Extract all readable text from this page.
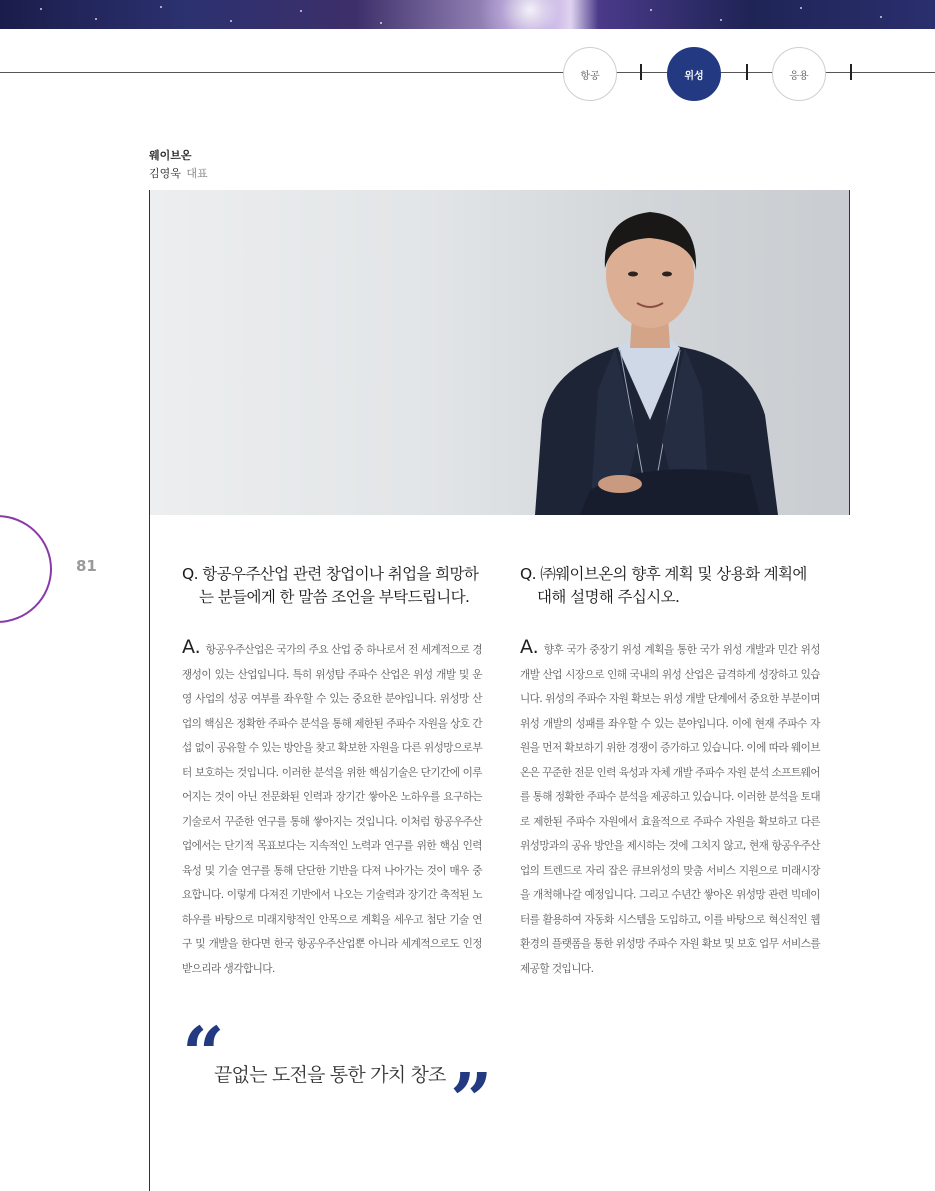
항공	위성	응용
81
웨이브온
김영욱 대표
Q. 항공우주산업 관련 창업이나 취업을 희망하는 분들에게 한 말씀 조언을 부탁드립니다.

A. 항공우주산업은 국가의 주요 산업 중 하나로서 전 세계적으로 경쟁성이 있는 산업입니다. 특히 위성탐 주파수 산업은 위성 개발 및 운영 사업의 성공 여부를 좌우할 수 있는 중요한 분야입니다. 위성망 산업의 핵심은 정확한 주파수 분석을 통해 제한된 주파수 자원을 상호 간섭 없이 공유할 수 있는 방안을 찾고 확보한 자원을 다른 위성망으로부터 보호하는 것입니다. 이러한 분석을 위한 핵심기술은 단기간에 이루어지는 것이 아닌 전문화된 인력과 장기간 쌓아온 노하우를 요구하는 기술로서 꾸준한 연구를 통해 쌓아지는 것입니다. 이처럼 항공우주산업에서는 단기적 목표보다는 지속적인 노력과 연구를 위한 핵심 인력 육성 및 기술 연구를 통해 단단한 기반을 다져 나아가는 것이 매우 중요합니다. 이렇게 다져진 기반에서 나오는 기술력과 장기간 축적된 노하우를 바탕으로 미래지향적인 안목으로 계획을 세우고 첨단 기술 연구 및 개발을 한다면 한국 항공우주산업뿐 아니라 세계적으로도 인정받으리라 생각합니다.

Q. ㈜웨이브온의 향후 계획 및 상용화 계획에 대해 설명해 주십시오.

A. 향후 국가 중장기 위성 계획을 통한 국가 위성 개발과 민간 위성 개발 산업 시장으로 인해 국내의 위성 산업은 급격하게 성장하고 있습니다. 위성의 주파수 자원 확보는 위성 개발 단계에서 중요한 부분이며 위성 개발의 성패를 좌우할 수 있는 분야입니다. 이에 현재 주파수 자원을 먼저 확보하기 위한 경쟁이 증가하고 있습니다. 이에 따라 웨이브온은 꾸준한 전문 인력 육성과 자체 개발 주파수 자원 분석 소프트웨어를 통해 정확한 주파수 분석을 제공하고 있습니다. 이러한 분석을 토대로 제한된 주파수 자원에서 효율적으로 주파수 자원을 확보하고 다른 위성망과의 공유 방안을 제시하는 것에 그치지 않고, 현재 항공우주산업의 트렌드로 자리 잡은 큐브위성의 맞춤 서비스 지원으로 미래시장을 개척해나갈 예정입니다. 그리고 수년간 쌓아온 위성망 관련 빅데이터를 활용하여 자동화 시스템을 도입하고, 이를 바탕으로 혁신적인 웹 환경의 플랫폼을 통한 위성망 주파수 자원 확보 및 보호 업무 서비스를 제공할 것입니다.

“
끝없는 도전을 통한 가치 창조 ”
